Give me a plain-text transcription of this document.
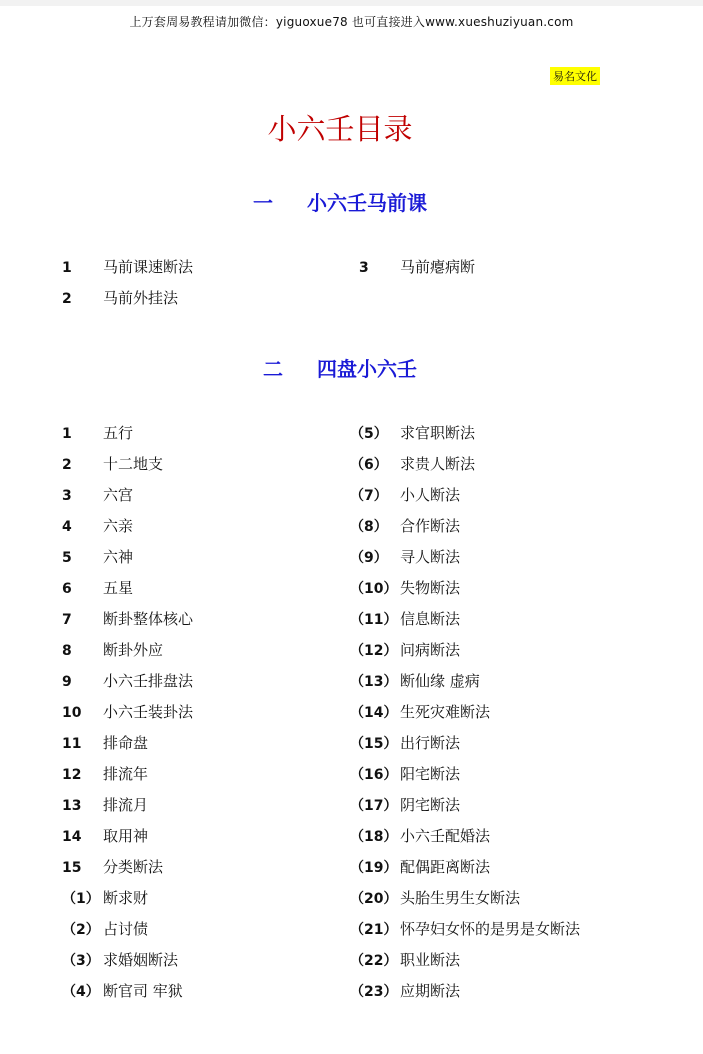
上万套周易教程请加微信：yiguoxue78 也可直接进入www.xueshuziyuan.com
易名文化
小六壬目录
一 小六壬马前课
1 马前课速断法
2 马前外挂法
3 马前瘪病断
二 四盘小六壬
1 五行
2 十二地支
3 六宫
4 六亲
5 六神
6 五星
7 断卦整体核心
8 断卦外应
9 小六壬排盘法
10 小六壬装卦法
11 排命盘
12 排流年
13 排流月
14 取用神
15 分类断法
（1） 断求财
（2） 占讨债
（3） 求婚姻断法
（4） 断官司 牢狱
（5） 求官职断法
（6） 求贵人断法
（7） 小人断法
（8） 合作断法
（9） 寻人断法
（10） 失物断法
（11） 信息断法
（12） 问病断法
（13） 断仙缘 虚病
（14） 生死灾难断法
（15） 出行断法
（16） 阳宅断法
（17） 阴宅断法
（18） 小六壬配婚法
（19） 配偶距离断法
（20） 头胎生男生女断法
（21） 怀孕妇女怀的是男是女断法
（22） 职业断法
（23） 应期断法
